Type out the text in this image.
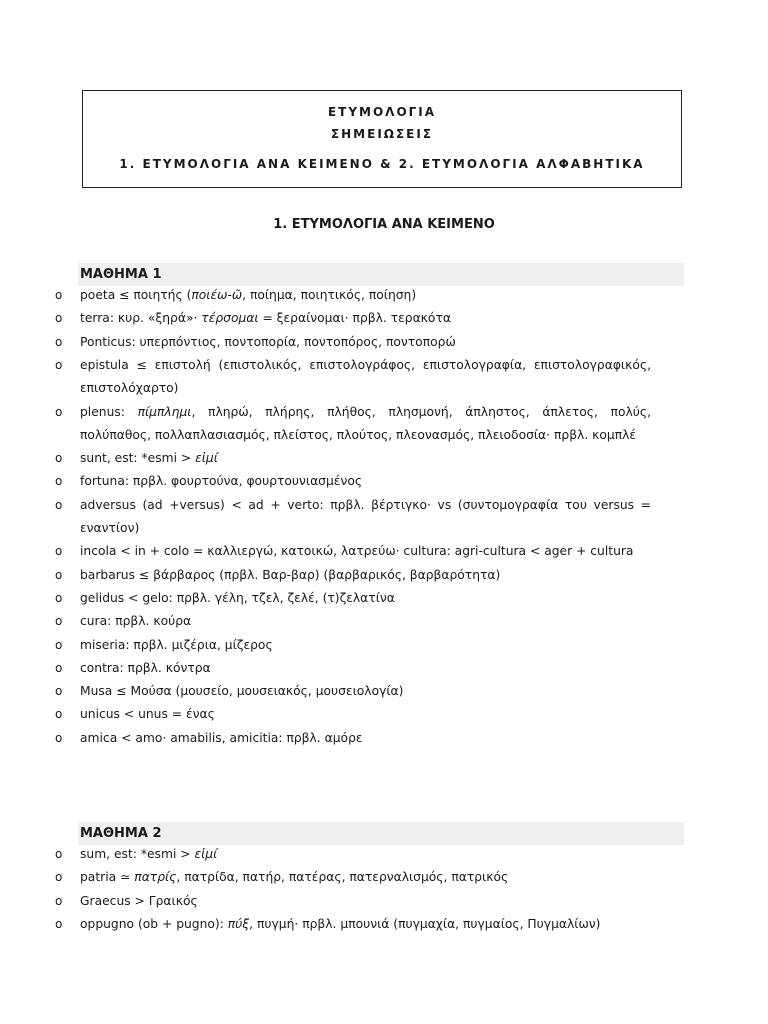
ΕΤΥΜΟΛΟΓΙΑ
ΣΗΜΕΙΩΣΕΙΣ
1. ΕΤΥΜΟΛΟΓΙΑ ΑΝΑ ΚΕΙΜΕΝΟ & 2. ΕΤΥΜΟΛΟΓΙΑ ΑΛΦΑΒΗΤΙΚΑ
1. ΕΤΥΜΟΛΟΓΙΑ ΑΝΑ ΚΕΙΜΕΝΟ
ΜΑΘΗΜΑ 1
o poeta ≤ ποιητής (ποιέω-ῶ, ποίημα, ποιητικός, ποίηση)
o terra: κυρ. «ξηρά»· τέρσομαι = ξεραίνομαι· πρβλ. τερακότα
o Ponticus: υπερπόντιος, ποντοπορία, ποντοπόρος, ποντοπορώ
o epistula ≤ επιστολή (επιστολικός, επιστολογράφος, επιστολογραφία, επιστολογραφικός, επιστολόχαρτο)
o plenus: πίμπλημι, πληρώ, πλήρης, πλήθος, πλησμονή, άπληστος, άπλετος, πολύς, πολύπαθος, πολλαπλασιασμός, πλείστος, πλούτος, πλεονασμός, πλειοδοσία· πρβλ. κομπλέ
o sunt, est: *esmi > εἰμί
o fortuna: πρβλ. φουρτούνα, φουρτουνιασμένος
o adversus (ad +versus) < ad + verto: πρβλ. βέρτιγκο· vs (συντομογραφία του versus = εναντίον)
o incola < in + colo = καλλιεργώ, κατοικώ, λατρεύω· cultura: agri-cultura < ager + cultura
o barbarus ≤ βάρβαρος (πρβλ. Βαρ-βαρ) (βαρβαρικός, βαρβαρότητα)
o gelidus < gelo: πρβλ. γέλη, τζελ, ζελέ, (τ)ζελατίνα
o cura: πρβλ. κούρα
o miseria: πρβλ. μιζέρια, μίζερος
o contra: πρβλ. κόντρα
o Musa ≤ Μούσα (μουσείο, μουσειακός, μουσειολογία)
o unicus < unus = ένας
o amica < amo· amabilis, amicitia: πρβλ. αμόρε
ΜΑΘΗΜΑ 2
o sum, est: *esmi > εἰμί
o patria ≃ πατρίς, πατρίδα, πατήρ, πατέρας, πατερναλισμός, πατρικός
o Graecus > Γραικός
o oppugno (ob + pugno): πύξ, πυγμή· πρβλ. μπουνιά (πυγμαχία, πυγμαίος, Πυγμαλίων)
